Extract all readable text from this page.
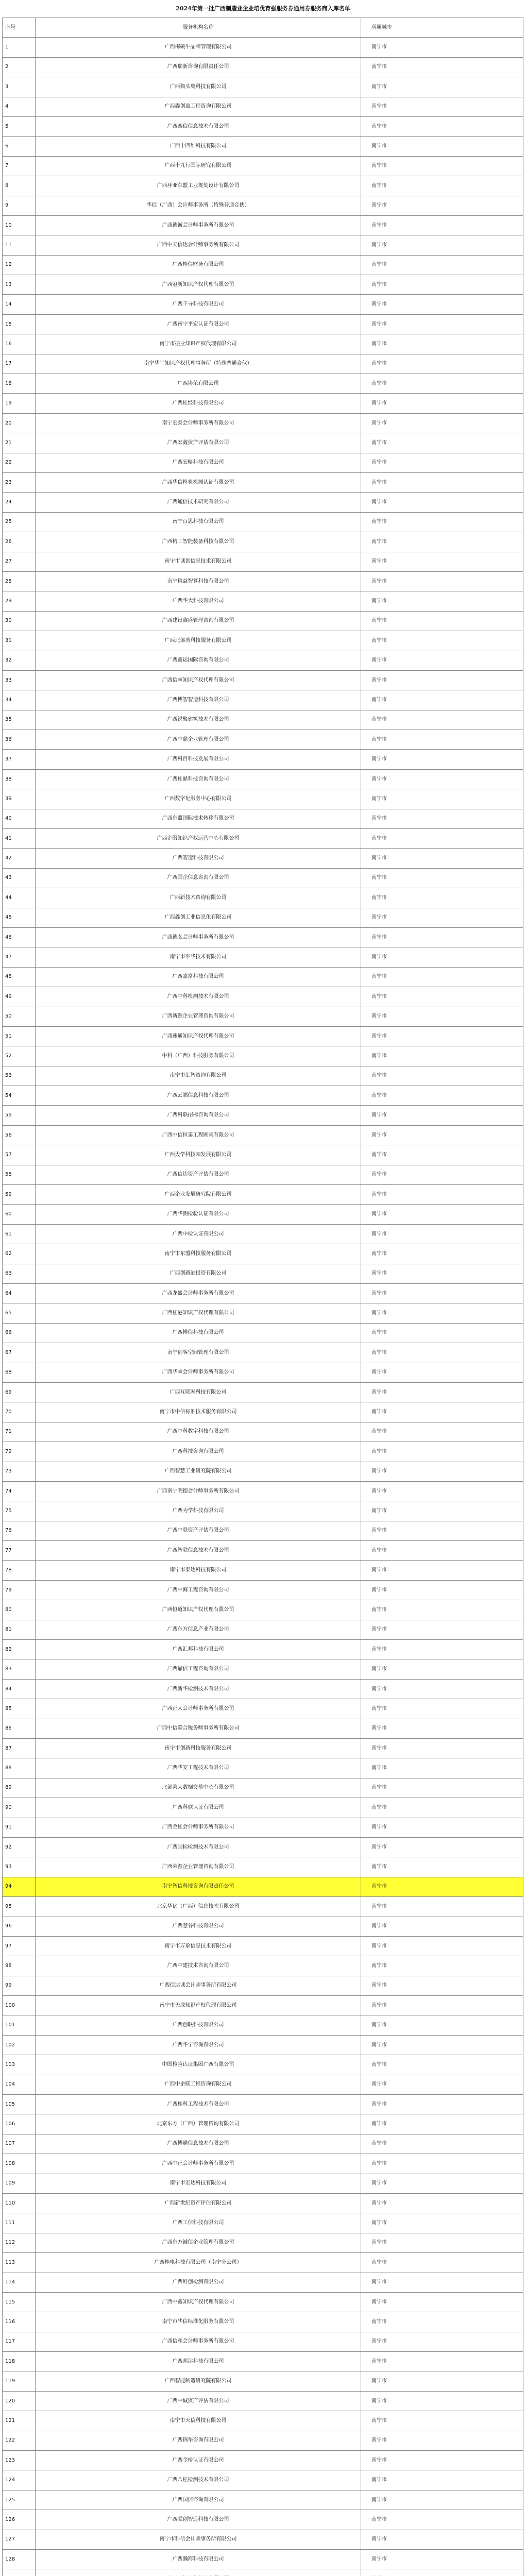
2024年第一批广西制造业企业培优育强服务券通用券服务商入库名单
序号	服务机构名称	所属城市
1	广西梅硕牛品牌管理有限公司	南宁市
2	广西瑞新咨询有限责任公司	南宁市
3	广西猫头鹰科技有限公司	南宁市
4	广西鑫创嘉工程咨询有限公司	南宁市
5	广西西信信息技术有限公司	南宁市
6	广西十四维科技有限公司	南宁市
7	广西十九行国际研究有限公司	南宁市
8	广西环亚东盟工业规划设计有限公司	南宁市
9	华信（广西）会计师事务所（特殊普通合伙）	南宁市
10	广西德诚会计师事务所有限公司	南宁市
11	广西中天信达会计师事务所有限公司	南宁市
12	广西桂信财务有限公司	南宁市
13	广西冠新知识产权代理有限公司	南宁市
14	广西千寻科技有限公司	南宁市
15	广西南宁平宏认证有限公司	南宁市
16	南宁市振业知识产权代理有限公司	南宁市
17	南宁华宇知识产权代理事务所（特殊普通合伙）	南宁市
18	广西协荣有限公司	南宁市
19	广西桂经科技有限公司	南宁市
20	南宁宏泰会计师事务所有限公司	南宁市
21	广西宏鑫资产评估有限公司	南宁市
22	广西宏略科技有限公司	南宁市
23	广西华信检验检测认证有限公司	南宁市
24	广西通信技术研究有限公司	南宁市
25	南宁百思科技有限公司	南宁市
26	广西精工智能装备科技有限公司	南宁市
27	南宁市诚创信息技术有限公司	南宁市
28	南宁精益智算科技有限公司	南宁市
29	广西华大科技有限公司	南宁市
30	广西建设鑫盛管理咨询有限公司	南宁市
31	广西北部湾科技服务有限公司	南宁市
32	广西鑫运国际咨询有限公司	南宁市
33	广西信睿知识产权代理有限公司	南宁市
34	广西博智智造科技有限公司	南宁市
35	广西锐聚建筑技术有限公司	南宁市
36	广西中鼎企业管理有限公司	南宁市
37	广西科百科技发展有限公司	南宁市
38	广西桂鼎科技咨询有限公司	南宁市
39	广西数字化服务中心有限公司	南宁市
40	广西东盟国际技术转移有限公司	南宁市
41	广西企服知识产权运营中心有限公司	南宁市
42	广西智造科技有限公司	南宁市
43	广西国企信息咨询有限公司	南宁市
44	广西新技术咨询有限公司	南宁市
45	广西鑫创工业信息化有限公司	南宁市
46	广西德弘会计师事务所有限公司	南宁市
47	南宁市平华技术有限公司	南宁市
48	广西嘉富科技有限公司	南宁市
49	广西中科检测技术有限公司	南宁市
50	广西新源企业管理咨询有限公司	南宁市
51	广西速通知识产权代理有限公司	南宁市
52	中科（广西）科技服务有限公司	南宁市
53	南宁市汇智咨询有限公司	南宁市
54	广西云端信息科技有限公司	南宁市
55	广西科联招标咨询有限公司	南宁市
56	广西中信恒泰工程顾问有限公司	南宁市
57	广西大学科技园发展有限公司	南宁市
58	广西信达资产评估有限公司	南宁市
59	广西企业发展研究院有限公司	南宁市
60	广西华测检验认证有限公司	南宁市
61	广西中检认证有限公司	南宁市
62	南宁市东盟科技服务有限公司	南宁市
63	广西创新港投资有限公司	南宁市
64	广西龙盛会计师事务所有限公司	南宁市
65	广西桂港知识产权代理有限公司	南宁市
66	广西博信科技有限公司	南宁市
67	南宁创客空间管理有限公司	南宁市
68	广西华睿会计师事务所有限公司	南宁市
69	广西互联网科技有限公司	南宁市
70	南宁市中信标准技术服务有限公司	南宁市
71	广西中科数字科技有限公司	南宁市
72	广西科技咨询有限公司	南宁市
73	广西智慧工业研究院有限公司	南宁市
74	广西南宁明德会计师事务所有限公司	南宁市
75	广西为学科技有限公司	南宁市
76	广西中联资产评估有限公司	南宁市
77	广西智联信息技术有限公司	南宁市
78	南宁市泰达科技有限公司	南宁市
79	广西中海工程咨询有限公司	南宁市
80	广西恒道知识产权代理有限公司	南宁市
81	广西东方信息产业有限公司	南宁市
82	广西汇邦科技有限公司	南宁市
83	广西鼎信工程咨询有限公司	南宁市
84	广西新华检测技术有限公司	南宁市
85	广西正大会计师事务所有限公司	南宁市
86	广西中信联合税务师事务所有限公司	南宁市
87	南宁市创新科技服务有限公司	南宁市
88	广西华安工程技术有限公司	南宁市
89	北部湾大数据交易中心有限公司	南宁市
90	广西科联认证有限公司	南宁市
91	广西金桂会计师事务所有限公司	南宁市
92	广西国标检测技术有限公司	南宁市
93	广西荣源企业管理咨询有限公司	南宁市
94	南宁智信科技咨询有限责任公司	南宁市
95	北京华亿（广西）信息技术有限公司	南宁市
96	广西慧谷科技有限公司	南宁市
97	南宁市万象信息技术有限公司	南宁市
98	广西中建技术咨询有限公司	南宁市
99	广西信达诚会计师事务所有限公司	南宁市
100	南宁市天成知识产权代理有限公司	南宁市
101	广西创联科技有限公司	南宁市
102	广西华宁咨询有限公司	南宁市
103	中国检验认证集团广西有限公司	南宁市
104	广西中企联工程咨询有限公司	南宁市
105	广西桂科工程技术有限公司	南宁市
106	北京东方（广西）管理咨询有限公司	南宁市
107	广西博通信息技术有限公司	南宁市
108	广西中正会计师事务所有限公司	南宁市
109	南宁市宏达科技有限公司	南宁市
110	广西新世纪资产评估有限公司	南宁市
111	广西工信科技有限公司	南宁市
112	广西东方诚信企业管理有限公司	南宁市
113	广西桂电科技有限公司（南宁分公司）	南宁市
114	广西科创检测有限公司	南宁市
115	广西中鑫知识产权代理有限公司	南宁市
116	南宁市华信标准化服务有限公司	南宁市
117	广西信和会计师事务所有限公司	南宁市
118	广西邦达科技有限公司	南宁市
119	广西智能制造研究院有限公司	南宁市
120	广西中诚资产评估有限公司	南宁市
121	南宁市天信科技有限公司	南宁市
122	广西锦华咨询有限公司	南宁市
123	广西金桥认证有限公司	南宁市
124	广西八桂检测技术有限公司	南宁市
125	广西国信咨询有限公司	南宁市
126	广西联创智造科技有限公司	南宁市
127	南宁市科信会计师事务所有限公司	南宁市
128	广西瀚海科技有限公司	南宁市
